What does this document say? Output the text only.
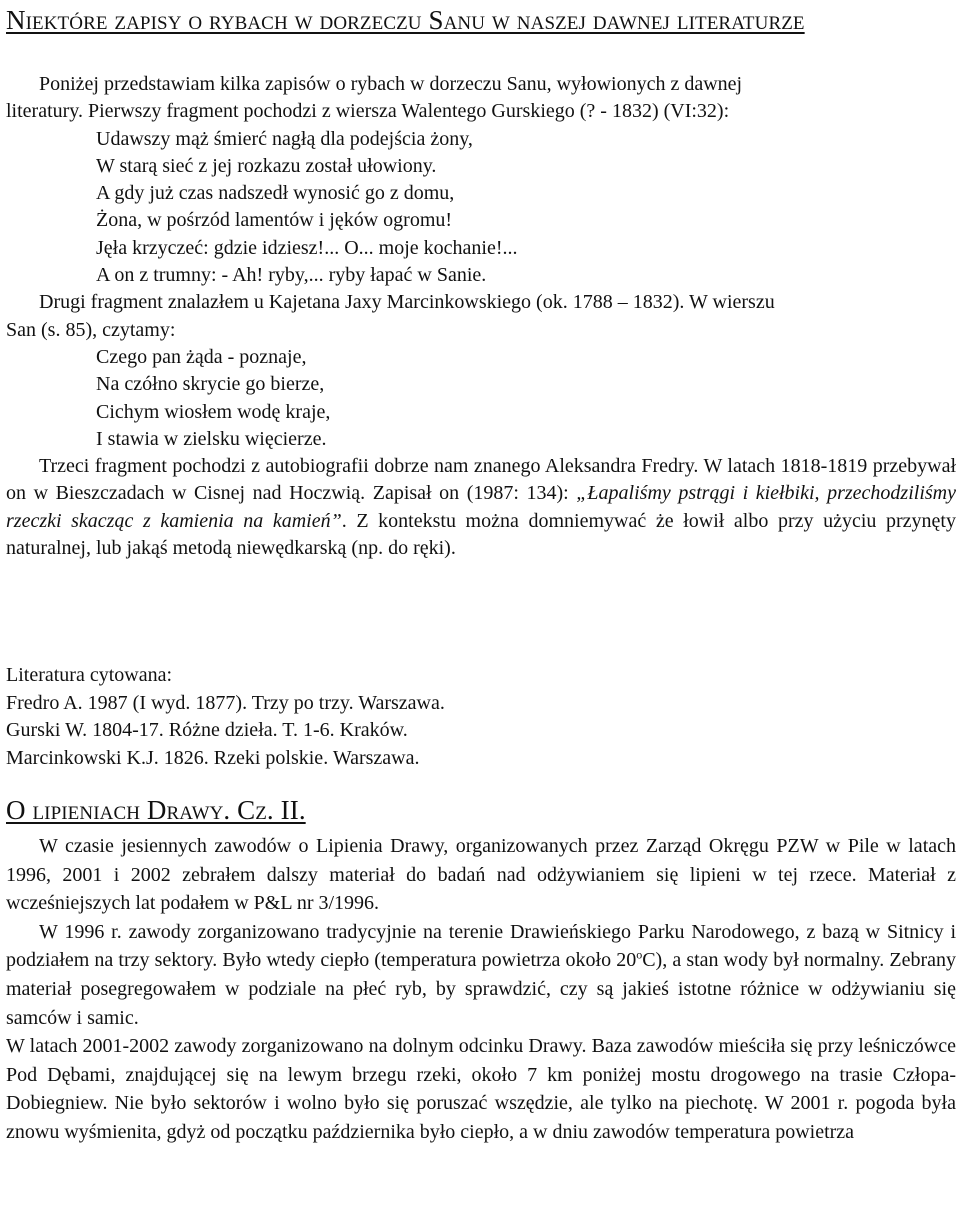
Niektóre zapisy o rybach w dorzeczu Sanu w naszej dawnej literaturze

Poniżej przedstawiam kilka zapisów o rybach w dorzeczu Sanu, wyłowionych z dawnej

literatury. Pierwszy fragment pochodzi z wiersza Walentego Gurskiego (? - 1832) (VI:32):

Udawszy mąż śmierć nagłą dla podejścia żony,

W starą sieć z jej rozkazu został ułowiony.

A gdy już czas nadszedł wynosić go z domu,

Żona, w pośrzód lamentów i jęków ogromu!

Jęła krzyczeć: gdzie idziesz!... O... moje kochanie!...

A on z trumny: - Ah! ryby,... ryby łapać w Sanie.

Drugi fragment znalazłem u Kajetana Jaxy Marcinkowskiego (ok. 1788 – 1832). W wierszu

San (s. 85), czytamy:

Czego pan żąda - poznaje,

Na czółno skrycie go bierze,

Cichym wiosłem wodę kraje,

I stawia w zielsku więcierze.

Trzeci fragment pochodzi z autobiografii dobrze nam znanego Aleksandra Fredry. W latach 1818-1819 przebywał on w Bieszczadach w Cisnej nad Hoczwią. Zapisał on (1987: 134): „Łapaliśmy pstrągi i kiełbiki, przechodziliśmy rzeczki skacząc z kamienia na kamień”. Z kontekstu można domniemywać że łowił albo przy użyciu przynęty naturalnej, lub jakąś metodą niewędkarską (np. do ręki).

Literatura cytowana:

Fredro A. 1987 (I wyd. 1877). Trzy po trzy. Warszawa.

Gurski W. 1804-17. Różne dzieła. T. 1-6. Kraków.

Marcinkowski K.J. 1826. Rzeki polskie. Warszawa.

O lipieniach Drawy. Cz. II.

W czasie jesiennych zawodów o Lipienia Drawy, organizowanych przez Zarząd Okręgu PZW w Pile w latach 1996, 2001 i 2002 zebrałem dalszy materiał do badań nad odżywianiem się lipieni w tej rzece. Materiał z wcześniejszych lat podałem w P&L nr 3/1996.

W 1996 r. zawody zorganizowano tradycyjnie na terenie Drawieńskiego Parku Narodowego, z bazą w Sitnicy i podziałem na trzy sektory. Było wtedy ciepło (temperatura powietrza około 20$^o$C), a stan wody był normalny. Zebrany materiał posegregowałem w podziale na płeć ryb, by sprawdzić, czy są jakieś istotne różnice w odżywianiu się samców i samic.

W latach 2001-2002 zawody zorganizowano na dolnym odcinku Drawy. Baza zawodów mieściła się przy leśniczówce Pod Dębami, znajdującej się na lewym brzegu rzeki, około 7 km poniżej mostu drogowego na trasie Człopa-Dobiegniew. Nie było sektorów i wolno było się poruszać wszędzie, ale tylko na piechotę. W 2001 r. pogoda była znowu wyśmienita, gdyż od początku października było ciepło, a w dniu zawodów temperatura powietrza
